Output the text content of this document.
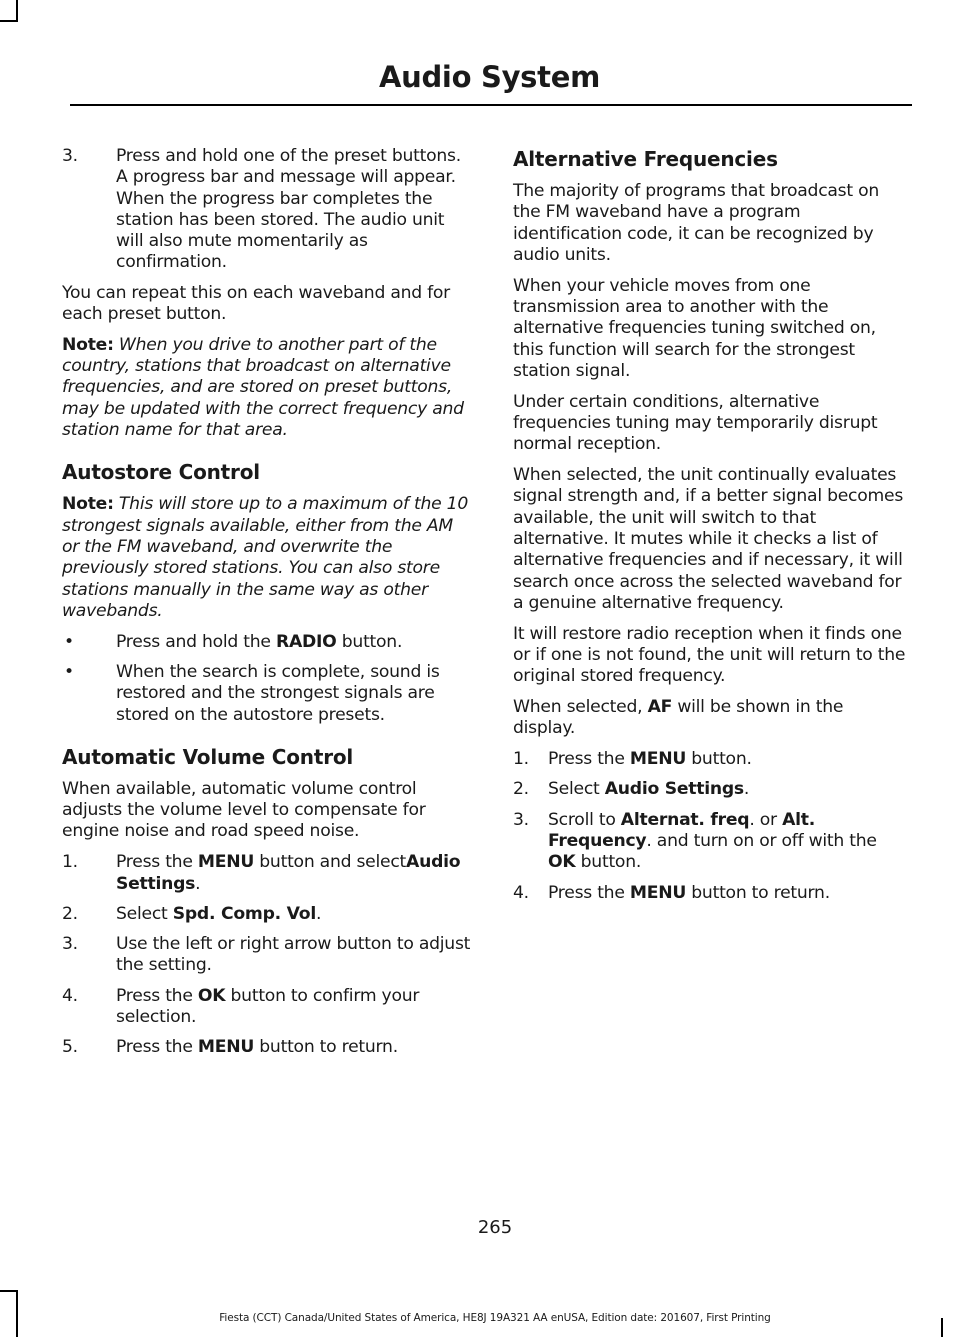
Audio System
3. Press and hold one of the preset buttons. A progress bar and message will appear. When the progress bar completes the station has been stored. The audio unit will also mute momentarily as confirmation.

You can repeat this on each waveband and for each preset button.

Note: When you drive to another part of the country, stations that broadcast on alternative frequencies, and are stored on preset buttons, may be updated with the correct frequency and station name for that area.

Autostore Control

Note: This will store up to a maximum of the 10 strongest signals available, either from the AM or the FM waveband, and overwrite the previously stored stations. You can also store stations manually in the same way as other wavebands.

• Press and hold the RADIO button.
• When the search is complete, sound is restored and the strongest signals are stored on the autostore presets.
Automatic Volume Control

When available, automatic volume control adjusts the volume level to compensate for engine noise and road speed noise.

1. Press the MENU button and selectAudio Settings.
2. Select Spd. Comp. Vol.
3. Use the left or right arrow button to adjust the setting.
4. Press the OK button to confirm your selection.
5. Press the MENU button to return.
Alternative Frequencies

The majority of programs that broadcast on the FM waveband have a program identification code, it can be recognized by audio units.

When your vehicle moves from one transmission area to another with the alternative frequencies tuning switched on, this function will search for the strongest station signal.

Under certain conditions, alternative frequencies tuning may temporarily disrupt normal reception.

When selected, the unit continually evaluates signal strength and, if a better signal becomes available, the unit will switch to that alternative. It mutes while it checks a list of alternative frequencies and if necessary, it will search once across the selected waveband for a genuine alternative frequency.

It will restore radio reception when it finds one or if one is not found, the unit will return to the original stored frequency.

When selected, AF will be shown in the display.

1. Press the MENU button.
2. Select Audio Settings.
3. Scroll to Alternat. freq. or Alt. Frequency. and turn on or off with the OK button.
4. Press the MENU button to return.
265
Fiesta (CCT) Canada/United States of America, HE8J 19A321 AA enUSA, Edition date: 201607, First Printing
